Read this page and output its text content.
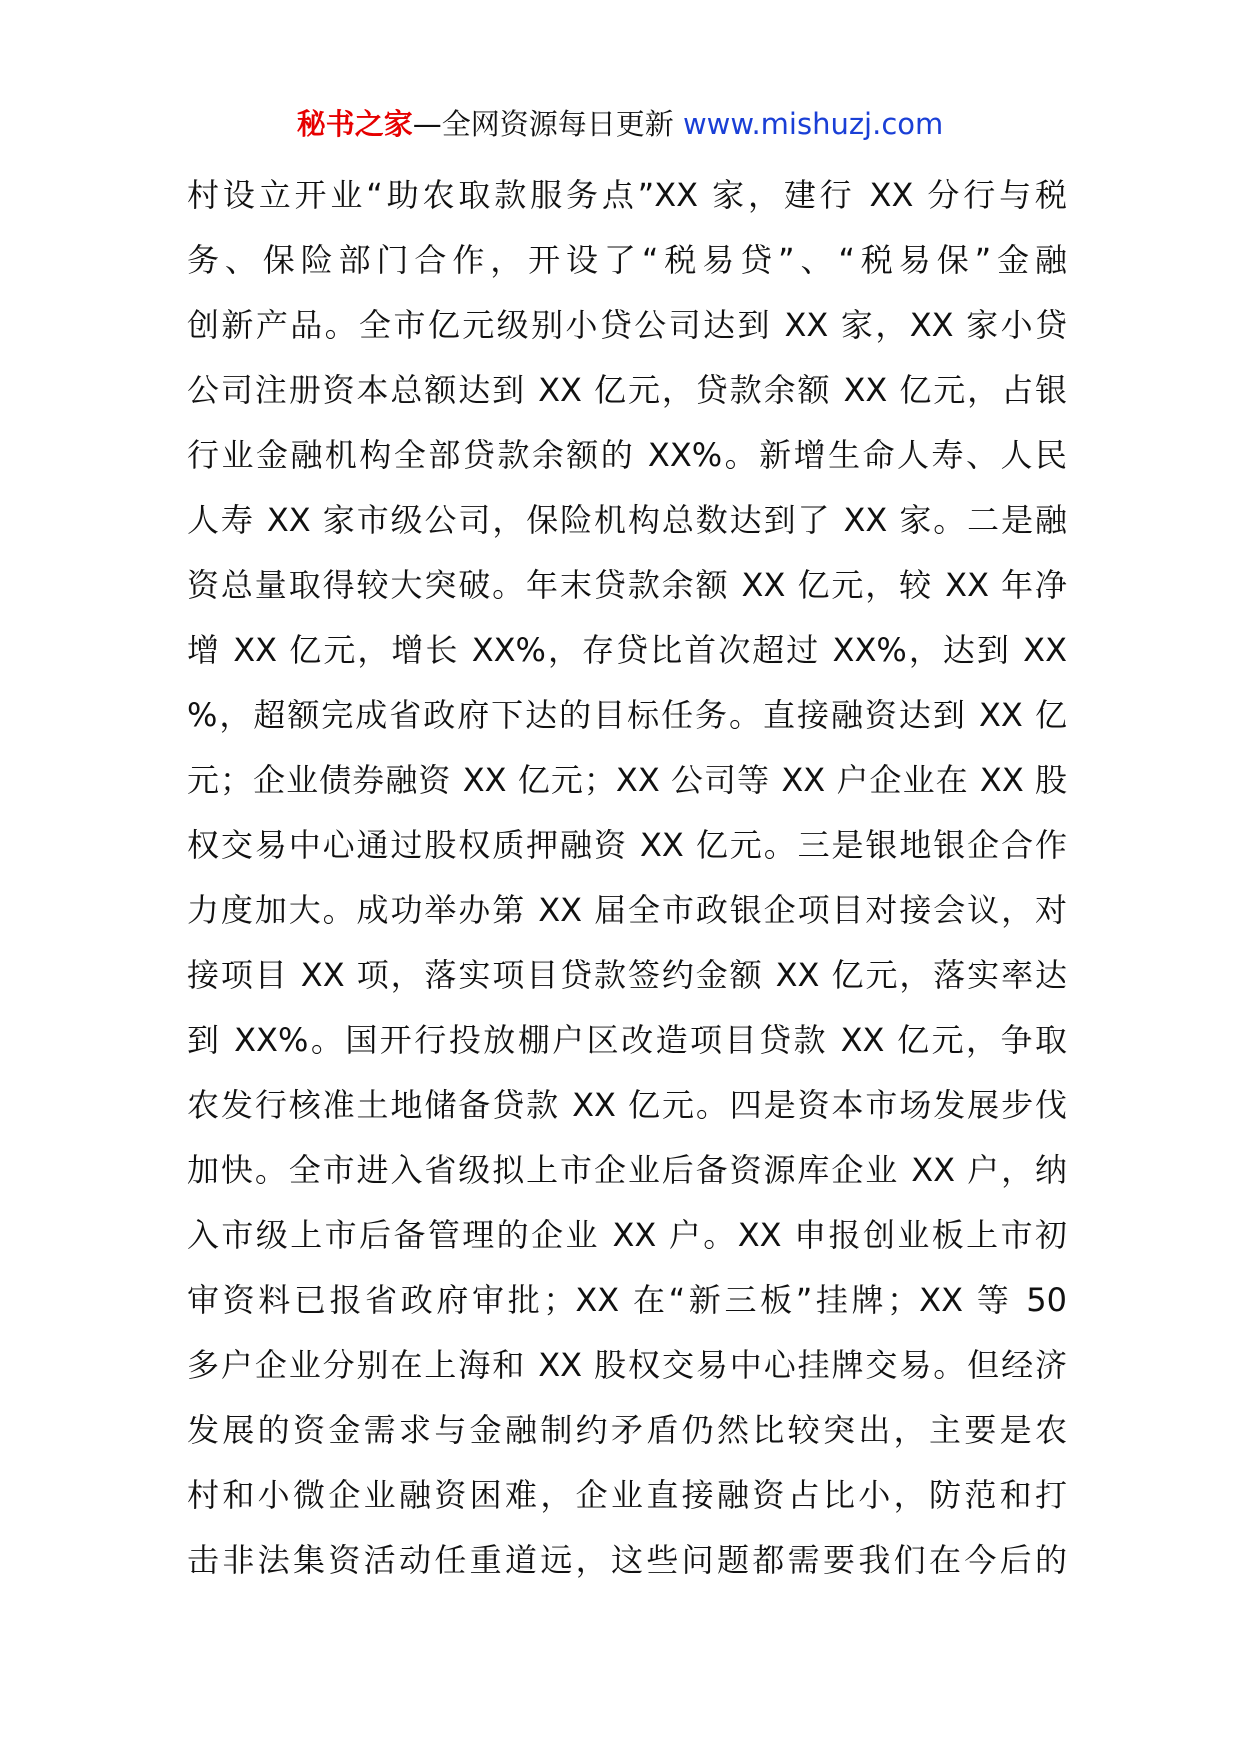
秘书之家—全网资源每日更新 www.mishuzj.com
村设立开业“助农取款服务点”XX 家，建行 XX 分行与税
务、保险部门合作，开设了“税易贷”、“税易保”金融
创新产品。全市亿元级别小贷公司达到 XX 家，XX 家小贷
公司注册资本总额达到 XX 亿元，贷款余额 XX 亿元，占银
行业金融机构全部贷款余额的 XX%。新增生命人寿、人民
人寿 XX 家市级公司，保险机构总数达到了 XX 家。二是融
资总量取得较大突破。年末贷款余额 XX 亿元，较 XX 年净
增 XX 亿元，增长 XX%，存贷比首次超过 XX%，达到 XX
%，超额完成省政府下达的目标任务。直接融资达到 XX 亿
元；企业债券融资 XX 亿元；XX 公司等 XX 户企业在 XX 股
权交易中心通过股权质押融资 XX 亿元。三是银地银企合作
力度加大。成功举办第 XX 届全市政银企项目对接会议，对
接项目 XX 项，落实项目贷款签约金额 XX 亿元，落实率达
到 XX%。国开行投放棚户区改造项目贷款 XX 亿元，争取
农发行核准土地储备贷款 XX 亿元。四是资本市场发展步伐
加快。全市进入省级拟上市企业后备资源库企业 XX 户，纳
入市级上市后备管理的企业 XX 户。XX 申报创业板上市初
审资料已报省政府审批；XX 在“新三板”挂牌；XX 等 50
多户企业分别在上海和 XX 股权交易中心挂牌交易。但经济
发展的资金需求与金融制约矛盾仍然比较突出，主要是农
村和小微企业融资困难，企业直接融资占比小，防范和打
击非法集资活动任重道远，这些问题都需要我们在今后的
